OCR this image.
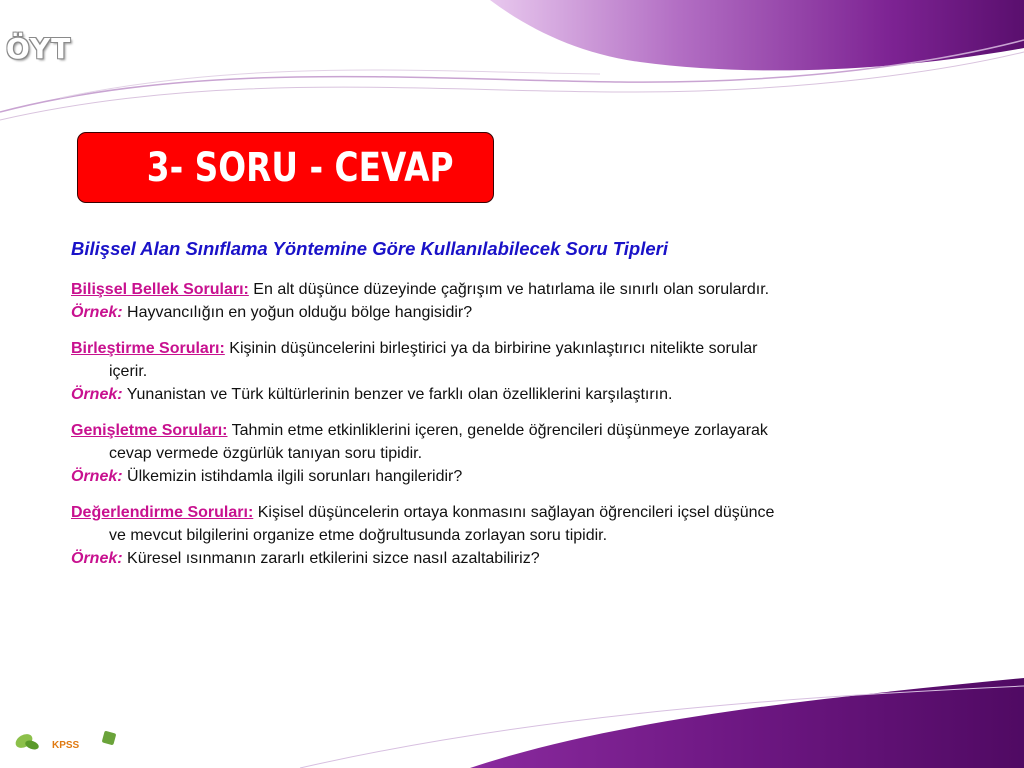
ÖYT
3- SORU - CEVAP
Bilişsel Alan Sınıflama Yöntemine Göre Kullanılabilecek Soru Tipleri
Bilişsel Bellek Soruları: En alt düşünce düzeyinde çağrışım ve hatırlama ile sınırlı olan sorulardır.
Örnek: Hayvancılığın en yoğun olduğu bölge hangisidir?
Birleştirme Soruları: Kişinin düşüncelerini birleştirici ya da birbirine yakınlaştırıcı nitelikte sorular
içerir.
Örnek: Yunanistan ve Türk kültürlerinin benzer ve farklı olan özelliklerini karşılaştırın.
Genişletme Soruları: Tahmin etme etkinliklerini içeren, genelde öğrencileri düşünmeye zorlayarak
cevap vermede özgürlük tanıyan soru tipidir.
Örnek: Ülkemizin istihdamla ilgili sorunları hangileridir?
Değerlendirme Soruları: Kişisel düşüncelerin ortaya konmasını sağlayan öğrencileri içsel düşünce
ve mevcut bilgilerini organize etme doğrultusunda zorlayan soru tipidir.
Örnek: Küresel ısınmanın zararlı etkilerini sizce nasıl azaltabiliriz?
KPSS
